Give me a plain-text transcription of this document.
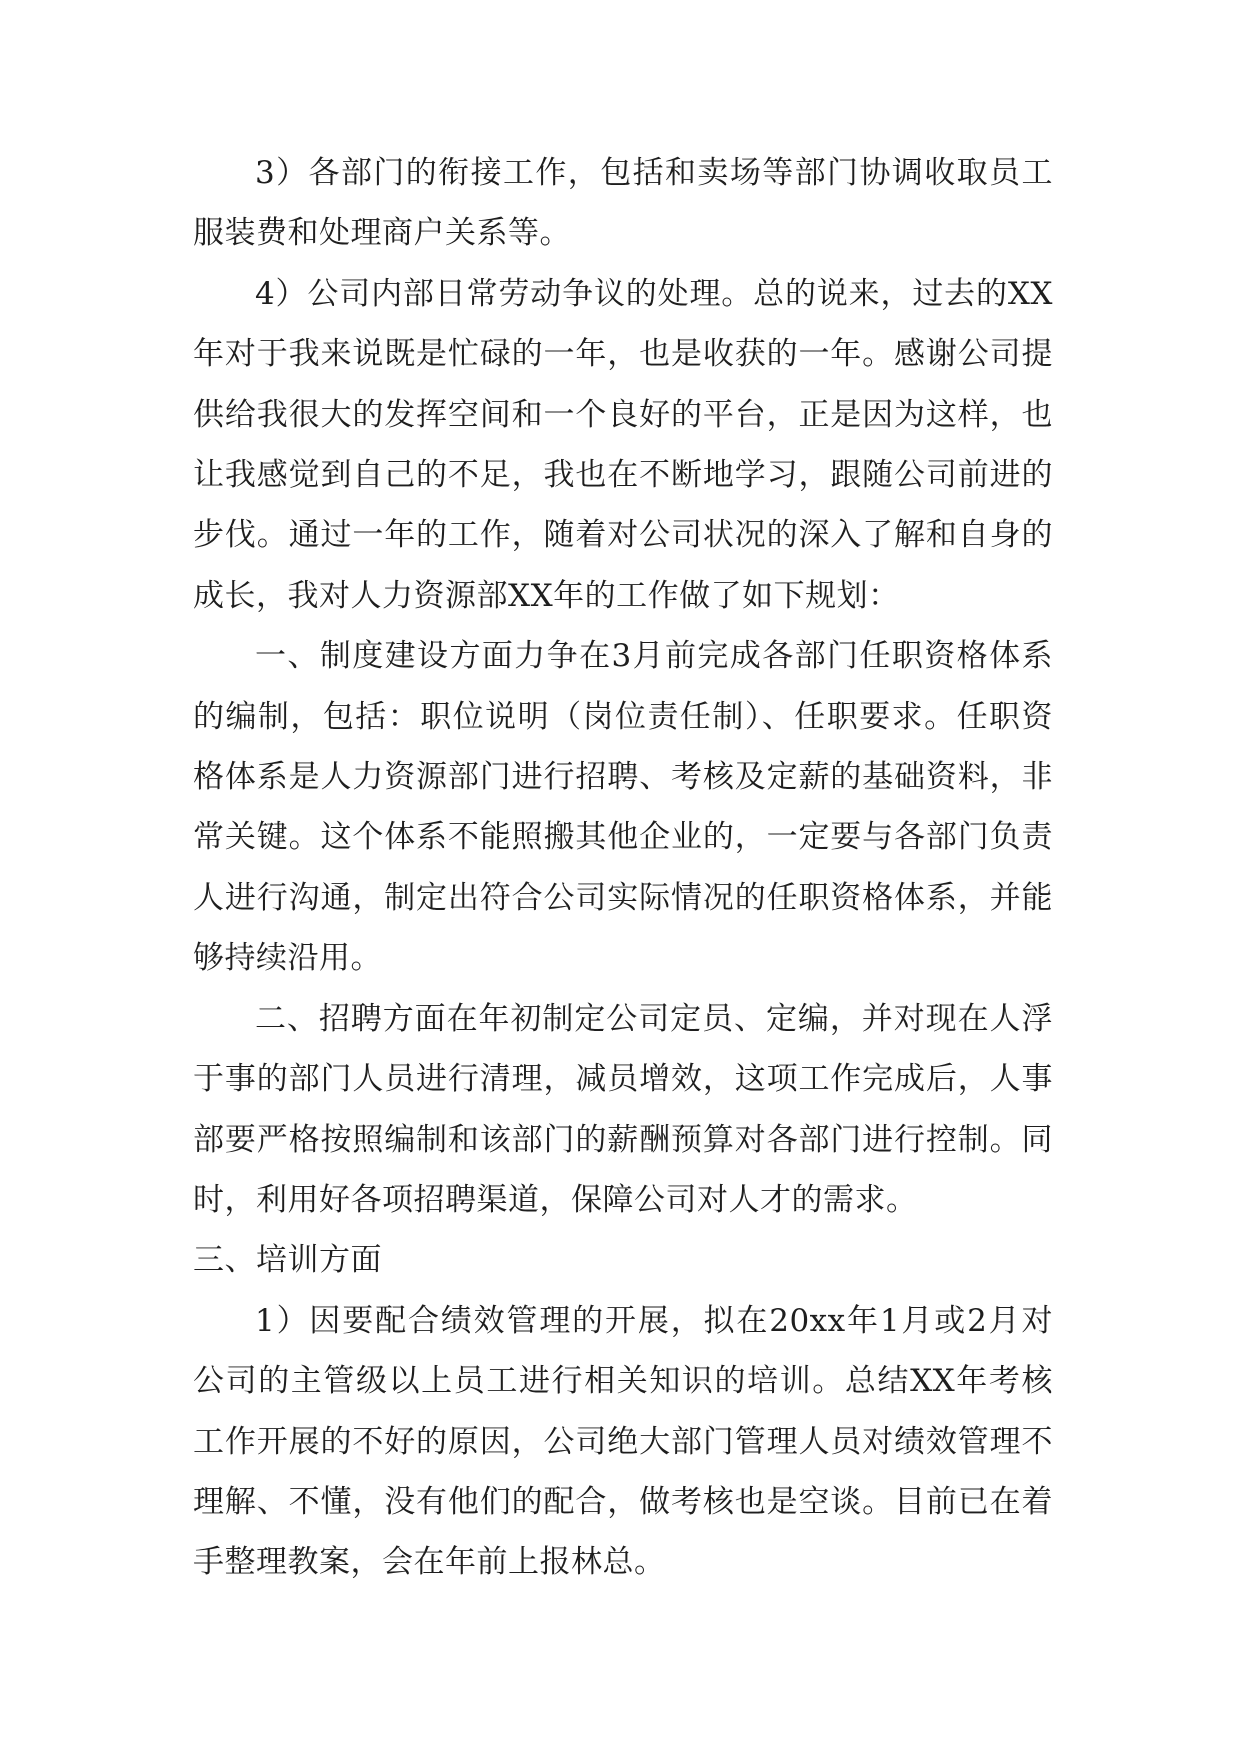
3）各部门的衔接工作，包括和卖场等部门协调收取员工服装费和处理商户关系等。

4）公司内部日常劳动争议的处理。总的说来，过去的XX年对于我来说既是忙碌的一年，也是收获的一年。感谢公司提供给我很大的发挥空间和一个良好的平台，正是因为这样，也让我感觉到自己的不足，我也在不断地学习，跟随公司前进的步伐。通过一年的工作，随着对公司状况的深入了解和自身的成长，我对人力资源部XX年的工作做了如下规划：

一、制度建设方面力争在3月前完成各部门任职资格体系的编制，包括：职位说明（岗位责任制）、任职要求。任职资格体系是人力资源部门进行招聘、考核及定薪的基础资料，非常关键。这个体系不能照搬其他企业的，一定要与各部门负责人进行沟通，制定出符合公司实际情况的任职资格体系，并能够持续沿用。

二、招聘方面在年初制定公司定员、定编，并对现在人浮于事的部门人员进行清理，减员增效，这项工作完成后，人事部要严格按照编制和该部门的薪酬预算对各部门进行控制。同时，利用好各项招聘渠道，保障公司对人才的需求。

三、培训方面

1）因要配合绩效管理的开展，拟在20xx年1月或2月对公司的主管级以上员工进行相关知识的培训。总结XX年考核工作开展的不好的原因，公司绝大部门管理人员对绩效管理不理解、不懂，没有他们的配合，做考核也是空谈。目前已在着手整理教案，会在年前上报林总。
